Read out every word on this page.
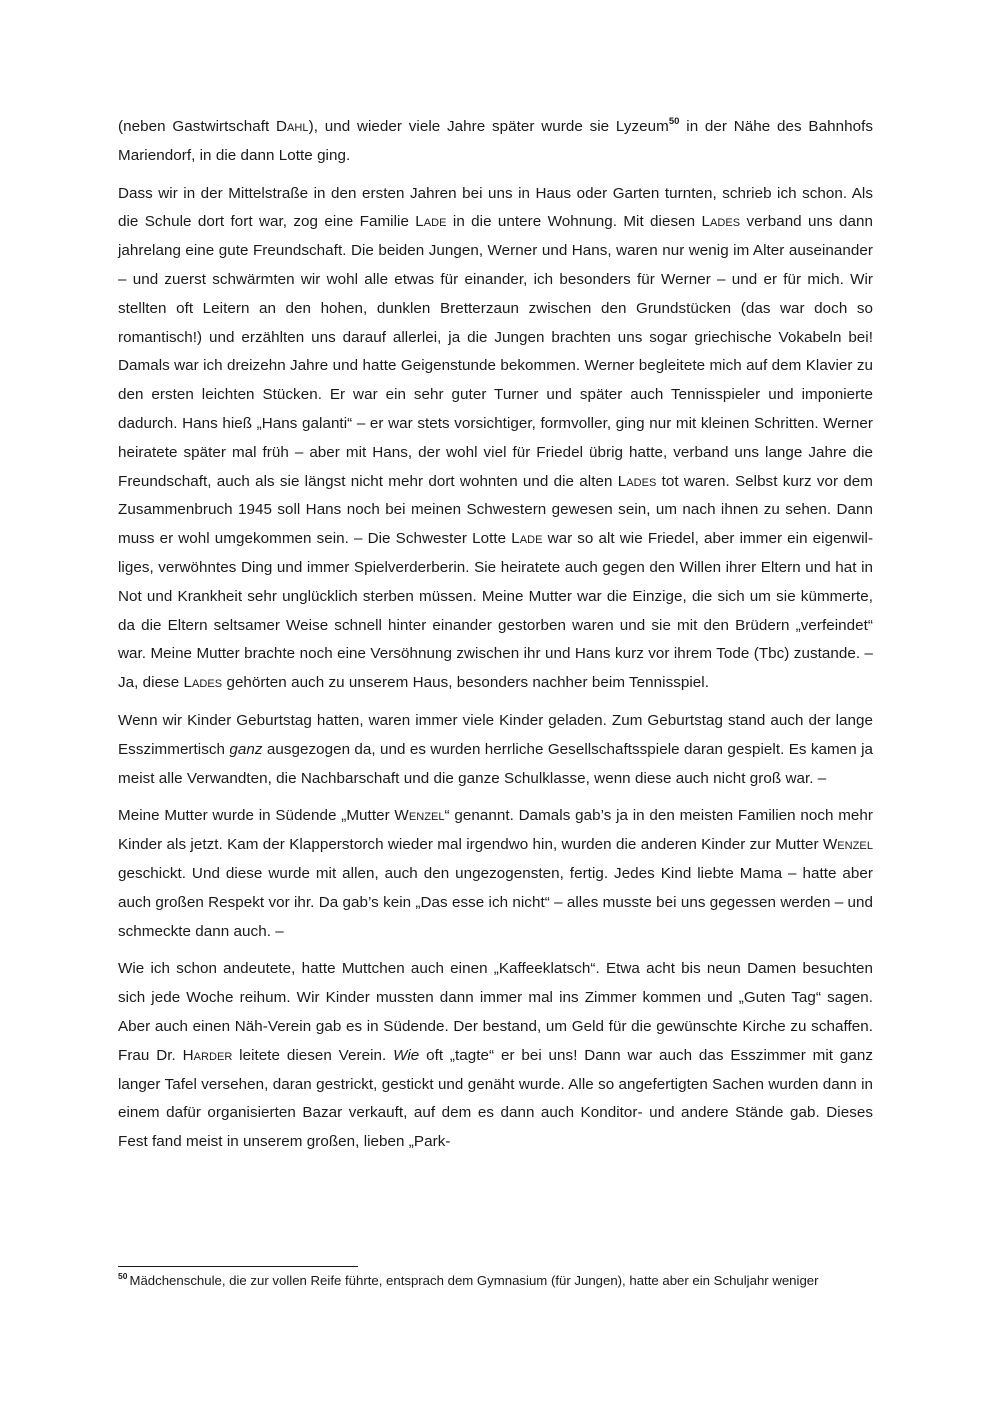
(neben Gastwirtschaft Dahl), und wieder viele Jahre später wurde sie Lyzeum$^{50}$ in der Nähe des Bahnhofs Mariendorf, in die dann Lotte ging.

Dass wir in der Mittelstraße in den ersten Jahren bei uns in Haus oder Garten turnten, schrieb ich schon. Als die Schule dort fort war, zog eine Familie Lade in die untere Wohnung. Mit diesen Lades verband uns dann jahrelang eine gute Freundschaft. Die beiden Jungen, Werner und Hans, waren nur wenig im Alter auseinander – und zuerst schwärmten wir wohl alle etwas für einander, ich besonders für Werner – und er für mich. Wir stellten oft Leitern an den hohen, dunklen Bretterzaun zwischen den Grundstücken (das war doch so romantisch!) und erzählten uns darauf allerlei, ja die Jungen brachten uns sogar griechische Vokabeln bei! Damals war ich dreizehn Jahre und hatte Geigenstunde bekommen. Werner begleitete mich auf dem Klavier zu den ersten leichten Stücken. Er war ein sehr guter Turner und später auch Tennisspieler und imponierte dadurch. Hans hieß „Hans galanti“ – er war stets vorsichtiger, formvoller, ging nur mit kleinen Schritten. Werner heiratete später mal früh – aber mit Hans, der wohl viel für Friedel übrig hatte, verband uns lange Jahre die Freundschaft, auch als sie längst nicht mehr dort wohnten und die alten Lades tot waren. Selbst kurz vor dem Zusammenbruch 1945 soll Hans noch bei meinen Schwestern gewesen sein, um nach ihnen zu sehen. Dann muss er wohl umgekommen sein. – Die Schwester Lotte Lade war so alt wie Friedel, aber immer ein eigenwilliges, verwöhntes Ding und immer Spielverderberin. Sie heiratete auch gegen den Willen ihrer Eltern und hat in Not und Krankheit sehr unglücklich sterben müssen. Meine Mutter war die Einzige, die sich um sie kümmerte, da die Eltern seltsamer Weise schnell hinter einander gestorben waren und sie mit den Brüdern „verfeindet“ war. Meine Mutter brachte noch eine Versöhnung zwischen ihr und Hans kurz vor ihrem Tode (Tbc) zustande. – Ja, diese Lades gehörten auch zu unserem Haus, besonders nachher beim Tennisspiel.

Wenn wir Kinder Geburtstag hatten, waren immer viele Kinder geladen. Zum Geburtstag stand auch der lange Esszimmertisch ganz ausgezogen da, und es wurden herrliche Gesellschaftsspiele daran gespielt. Es kamen ja meist alle Verwandten, die Nachbarschaft und die ganze Schulklasse, wenn diese auch nicht groß war. –

Meine Mutter wurde in Südende „Mutter Wenzel“ genannt. Damals gab’s ja in den meisten Familien noch mehr Kinder als jetzt. Kam der Klapperstorch wieder mal irgendwo hin, wurden die anderen Kinder zur Mutter Wenzel geschickt. Und diese wurde mit allen, auch den ungezogensten, fertig. Jedes Kind liebte Mama – hatte aber auch großen Respekt vor ihr. Da gab’s kein „Das esse ich nicht“ – alles musste bei uns gegessen werden – und schmeckte dann auch. –

Wie ich schon andeutete, hatte Muttchen auch einen „Kaffeeklatsch“. Etwa acht bis neun Damen besuchten sich jede Woche reihum. Wir Kinder mussten dann immer mal ins Zimmer kommen und „Guten Tag“ sagen. Aber auch einen Näh-Verein gab es in Südende. Der bestand, um Geld für die gewünschte Kirche zu schaffen. Frau Dr. Harder leitete diesen Verein. Wie oft „tagte“ er bei uns! Dann war auch das Esszimmer mit ganz langer Tafel versehen, daran gestrickt, gestickt und genäht wurde. Alle so angefertigten Sachen wurden dann in einem dafür organisierten Bazar verkauft, auf dem es dann auch Konditor- und andere Stände gab. Dieses Fest fand meist in unserem großen, lieben „Park-

$^{50}$ Mädchenschule, die zur vollen Reife führte, entsprach dem Gymnasium (für Jungen), hatte aber ein Schuljahr weniger
